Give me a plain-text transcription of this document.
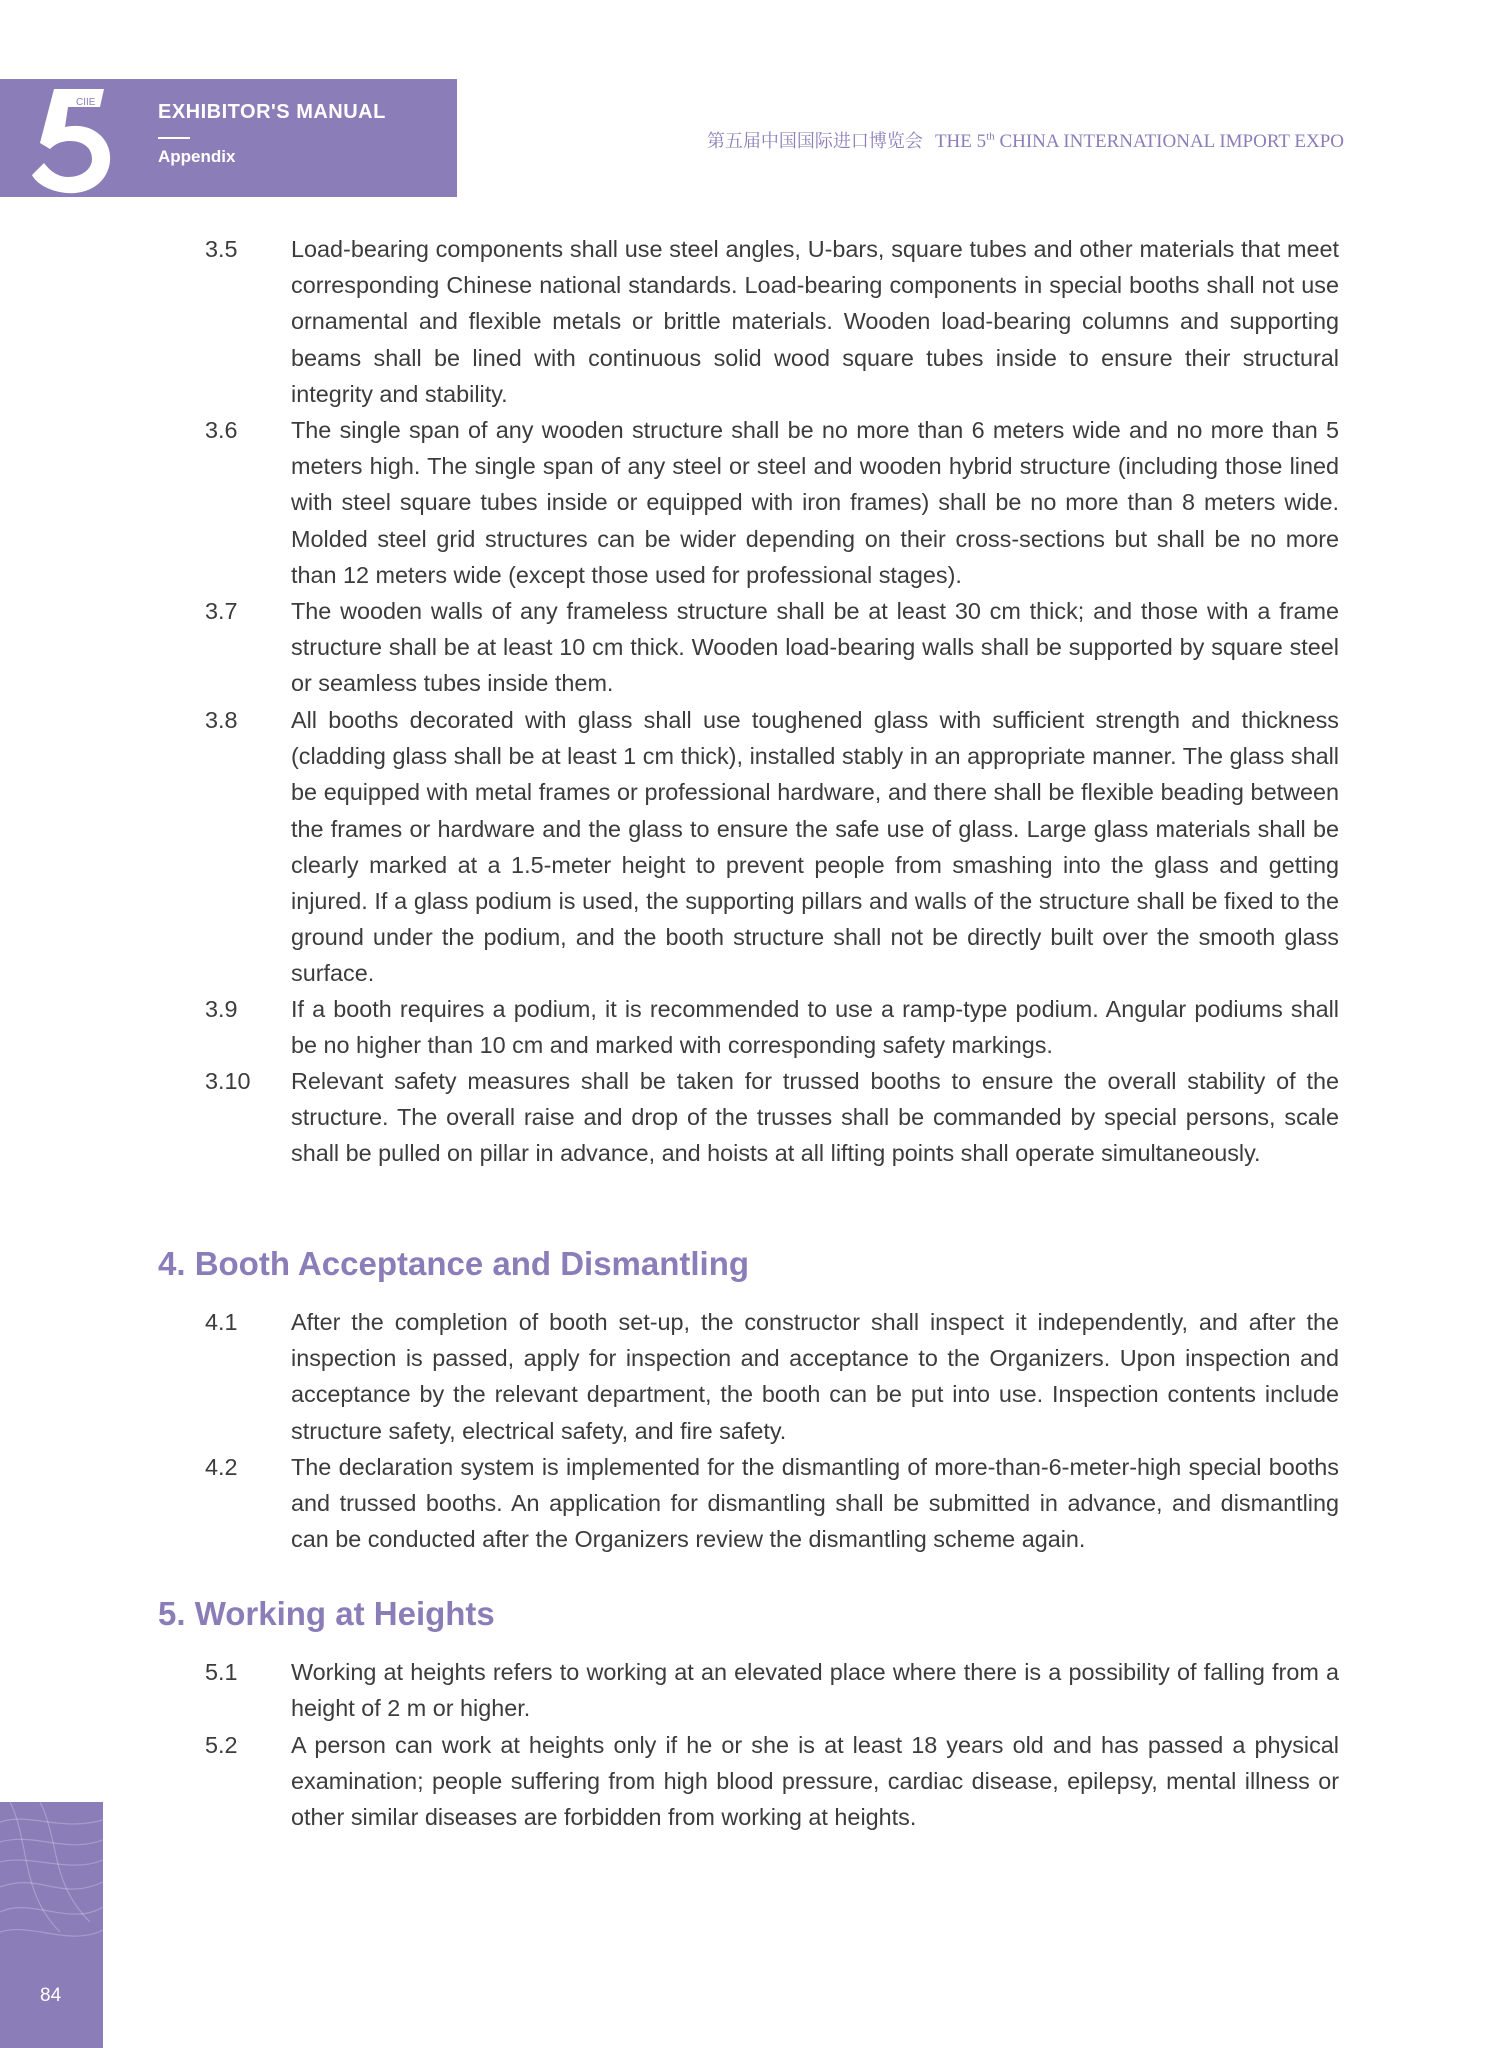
CIIE	EXHIBITOR'S MANUAL
Appendix
第五届中国国际进口博览会 THE 5th CHINA INTERNATIONAL IMPORT EXPO
3.5 Load-bearing components shall use steel angles, U-bars, square tubes and other materials that meet corresponding Chinese national standards. Load-bearing components in special booths shall not use ornamental and flexible metals or brittle materials. Wooden load-bearing columns and supporting beams shall be lined with continuous solid wood square tubes inside to ensure their structural integrity and stability.

3.6 The single span of any wooden structure shall be no more than 6 meters wide and no more than 5 meters high. The single span of any steel or steel and wooden hybrid structure (including those lined with steel square tubes inside or equipped with iron frames) shall be no more than 8 meters wide. Molded steel grid structures can be wider depending on their cross-sections but shall be no more than 12 meters wide (except those used for professional stages).

3.7 The wooden walls of any frameless structure shall be at least 30 cm thick; and those with a frame structure shall be at least 10 cm thick. Wooden load-bearing walls shall be supported by square steel or seamless tubes inside them.

3.8 All booths decorated with glass shall use toughened glass with sufficient strength and thickness (cladding glass shall be at least 1 cm thick), installed stably in an appropriate manner. The glass shall be equipped with metal frames or professional hardware, and there shall be flexible beading between the frames or hardware and the glass to ensure the safe use of glass. Large glass materials shall be clearly marked at a 1.5-meter height to prevent people from smashing into the glass and getting injured. If a glass podium is used, the supporting pillars and walls of the structure shall be fixed to the ground under the podium, and the booth structure shall not be directly built over the smooth glass surface.

3.9 If a booth requires a podium, it is recommended to use a ramp-type podium. Angular podiums shall be no higher than 10 cm and marked with corresponding safety markings.

3.10 Relevant safety measures shall be taken for trussed booths to ensure the overall stability of the structure. The overall raise and drop of the trusses shall be commanded by special persons, scale shall be pulled on pillar in advance, and hoists at all lifting points shall operate simultaneously.

4. Booth Acceptance and Dismantling
4.1 After the completion of booth set-up, the constructor shall inspect it independently, and after the inspection is passed, apply for inspection and acceptance to the Organizers. Upon inspection and acceptance by the relevant department, the booth can be put into use. Inspection contents include structure safety, electrical safety, and fire safety.

4.2 The declaration system is implemented for the dismantling of more-than-6-meter-high special booths and trussed booths. An application for dismantling shall be submitted in advance, and dismantling can be conducted after the Organizers review the dismantling scheme again.

5. Working at Heights
5.1 Working at heights refers to working at an elevated place where there is a possibility of falling from a height of 2 m or higher.

5.2 A person can work at heights only if he or she is at least 18 years old and has passed a physical examination; people suffering from high blood pressure, cardiac disease, epilepsy, mental illness or other similar diseases are forbidden from working at heights.

84
